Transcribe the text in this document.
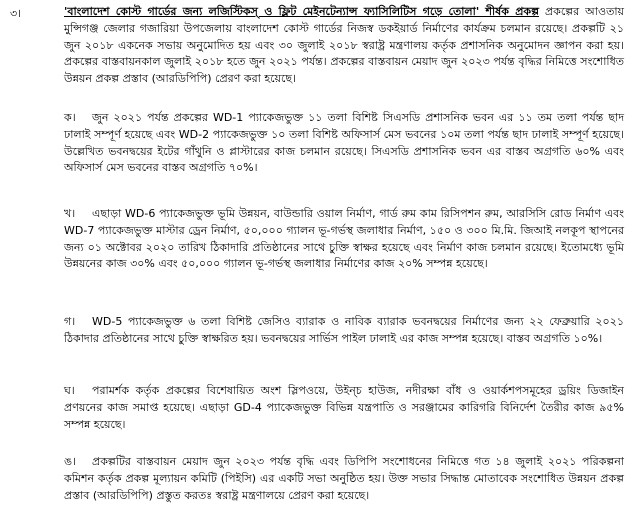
৩।	'বাংলাদেশ কোস্ট গার্ডের জন্য লজিস্টিকস্ ও ফ্লিট মেইনটেন্যান্স ফ্যাসিলিটিস গড়ে তোলা' শীর্ষক প্রকল্প প্রকল্পের আওতায় মুন্সিগঞ্জ জেলার গজারিয়া উপজেলায় বাংলাদেশ কোস্ট গার্ডের নিজস্ব ডকইয়ার্ড নির্মাণের কার্যক্রম চলমান রয়েছে। প্রকল্পটি ২১ জুন ২০১৮ একনেক সভায় অনুমোদিত হয় এবং ৩০ জুলাই ২০১৮ স্বরাষ্ট্র মন্ত্রণালয় কর্তৃক প্রশাসনিক অনুমোদন জ্ঞাপন করা হয়। প্রকল্পের বাস্তবায়নকাল জুলাই ২০১৮ হতে জুন ২০২১ পর্যন্ত। প্রকল্পের বাস্তবায়ন মেয়াদ জুন ২০২৩ পর্যন্ত বৃদ্ধির নিমিত্তে সংশোধিত উন্নয়ন প্রকল্প প্রস্তাব (আরডিপিপি) প্রেরণ করা হয়েছে।
ক। জুন ২০২১ পর্যন্ত প্রকল্পের WD-1 প্যাকেজভুক্ত ১১ তলা বিশিষ্ট সিএসডি প্রশাসনিক ভবন এর ১১ তম তলা পর্যন্ত ছাদ ঢালাই সম্পূর্ণ হয়েছে এবং WD-2 প্যাকেজভুক্ত ১০ তলা বিশিষ্ট অফিসার্স মেস ভবনের ১০ম তলা পর্যন্ত ছাদ ঢালাই সম্পূর্ণ হয়েছে। উল্লেখিত ভবনদ্বয়ের ইটের গাঁথুনি ও প্লাস্টারের কাজ চলমান রয়েছে। সিএসডি প্রশাসনিক ভবন এর বাস্তব অগ্রগতি ৬০% এবং অফিসার্স মেস ভবনের বাস্তব অগ্রগতি ৭০%।
খ। এছাড়া WD-6 প্যাকেজভুক্ত ভূমি উন্নয়ন, বাউন্ডারি ওয়াল নির্মাণ, গার্ড রুম কাম রিসিপশন রুম, আরসিসি রোড নির্মাণ এবং WD-7 প্যাকেজভুক্ত মাস্টার ড্রেন নির্মাণ, ৫০,০০০ গ্যালন ভূ-গর্ভস্থ জলাধার নির্মাণ, ১৫০ ও ৩০০ মি.মি. জিআই নলকূপ স্থাপনের জন্য ০১ অক্টোবর ২০২০ তারিখ ঠিকাদারি প্রতিষ্ঠানের সাথে চুক্তি স্বাক্ষর হয়েছে এবং নির্মাণ কাজ চলমান রয়েছে। ইতোমধ্যে ভূমি উন্নয়নের কাজ ৩০% এবং ৫০,০০০ গ্যালন ভূ-গর্ভস্থ জলাধার নির্মাণের কাজ ২০% সম্পন্ন হয়েছে।
গ। WD-5 প্যাকেজভুক্ত ৬ তলা বিশিষ্ট জেসিও ব্যারাক ও নাবিক ব্যারাক ভবনদ্বয়ের নির্মাণের জন্য ২২ ফেব্রুয়ারি ২০২১ ঠিকাদার প্রতিষ্ঠানের সাথে চুক্তি স্বাক্ষরিত হয়। ভবনদ্বয়ের সার্ভিস পাইল ঢালাই এর কাজ সম্পন্ন হয়েছে। বাস্তব অগ্রগতি ১০%।
ঘ। পরামর্শক কর্তৃক প্রকল্পের বিশেষায়িত অংশ স্লিপওয়ে, উইন্চ হাউজ, নদীরক্ষা বাঁধ ও ওয়ার্কশপসমূহের ড্রয়িং ডিজাইন প্রণয়নের কাজ সমাপ্ত হয়েছে। এছাড়া GD-4 প্যাকেজভুক্ত বিভিন্ন যন্ত্রপাতি ও সরঞ্জামের কারিগরি বিনির্দেশ তৈরীর কাজ ৯৫% সম্পন্ন হয়েছে।
ঙ। প্রকল্পটির বাস্তবায়ন মেয়াদ জুন ২০২৩ পর্যন্ত বৃদ্ধি এবং ডিপিপি সংশোধনের নিমিত্তে গত ১৪ জুলাই ২০২১ পরিকল্পনা কমিশন কর্তৃক প্রকল্প মূল্যায়ন কমিটি (পিইসি) এর একটি সভা অনুষ্ঠিত হয়। উক্ত সভার সিদ্ধান্ত মোতাবেক সংশোধিত উন্নয়ন প্রকল্প প্রস্তাব (আরডিপিপি) প্রস্তুত করতঃ স্বরাষ্ট্র মন্ত্রণালয়ে প্রেরণ করা হয়েছে।
